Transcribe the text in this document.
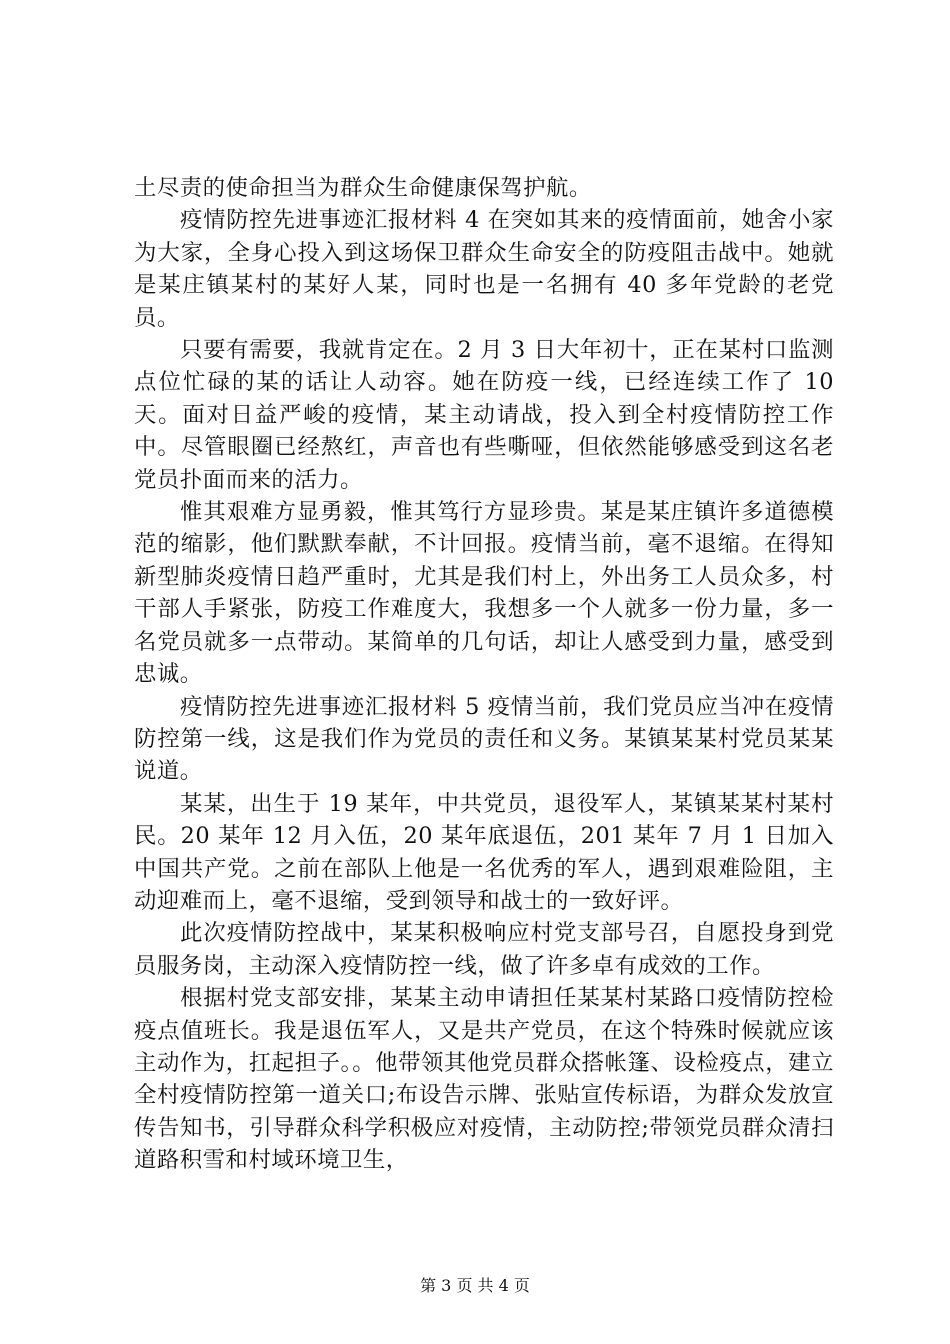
土尽责的使命担当为群众生命健康保驾护航。

疫情防控先进事迹汇报材料 4 在突如其来的疫情面前，她舍小家为大家，全身心投入到这场保卫群众生命安全的防疫阻击战中。她就是某庄镇某村的某好人某，同时也是一名拥有 40 多年党龄的老党员。

只要有需要，我就肯定在。2 月 3 日大年初十，正在某村口监测点位忙碌的某的话让人动容。她在防疫一线，已经连续工作了 10 天。面对日益严峻的疫情，某主动请战，投入到全村疫情防控工作中。尽管眼圈已经熬红，声音也有些嘶哑，但依然能够感受到这名老党员扑面而来的活力。

惟其艰难方显勇毅，惟其笃行方显珍贵。某是某庄镇许多道德模范的缩影，他们默默奉献，不计回报。疫情当前，毫不退缩。在得知新型肺炎疫情日趋严重时，尤其是我们村上，外出务工人员众多，村干部人手紧张，防疫工作难度大，我想多一个人就多一份力量，多一名党员就多一点带动。某简单的几句话，却让人感受到力量，感受到忠诚。

疫情防控先进事迹汇报材料 5 疫情当前，我们党员应当冲在疫情防控第一线，这是我们作为党员的责任和义务。某镇某某村党员某某说道。

某某，出生于 19 某年，中共党员，退役军人，某镇某某村某村民。20 某年 12 月入伍，20 某年底退伍，201 某年 7 月 1 日加入中国共产党。之前在部队上他是一名优秀的军人，遇到艰难险阻，主动迎难而上，毫不退缩，受到领导和战士的一致好评。

此次疫情防控战中，某某积极响应村党支部号召，自愿投身到党员服务岗，主动深入疫情防控一线，做了许多卓有成效的工作。

根据村党支部安排，某某主动申请担任某某村某路口疫情防控检疫点值班长。我是退伍军人，又是共产党员，在这个特殊时候就应该主动作为，扛起担子。。他带领其他党员群众搭帐篷、设检疫点，建立全村疫情防控第一道关口;布设告示牌、张贴宣传标语，为群众发放宣传告知书，引导群众科学积极应对疫情，主动防控;带领党员群众清扫道路积雪和村域环境卫生，

第 3 页 共 4 页
